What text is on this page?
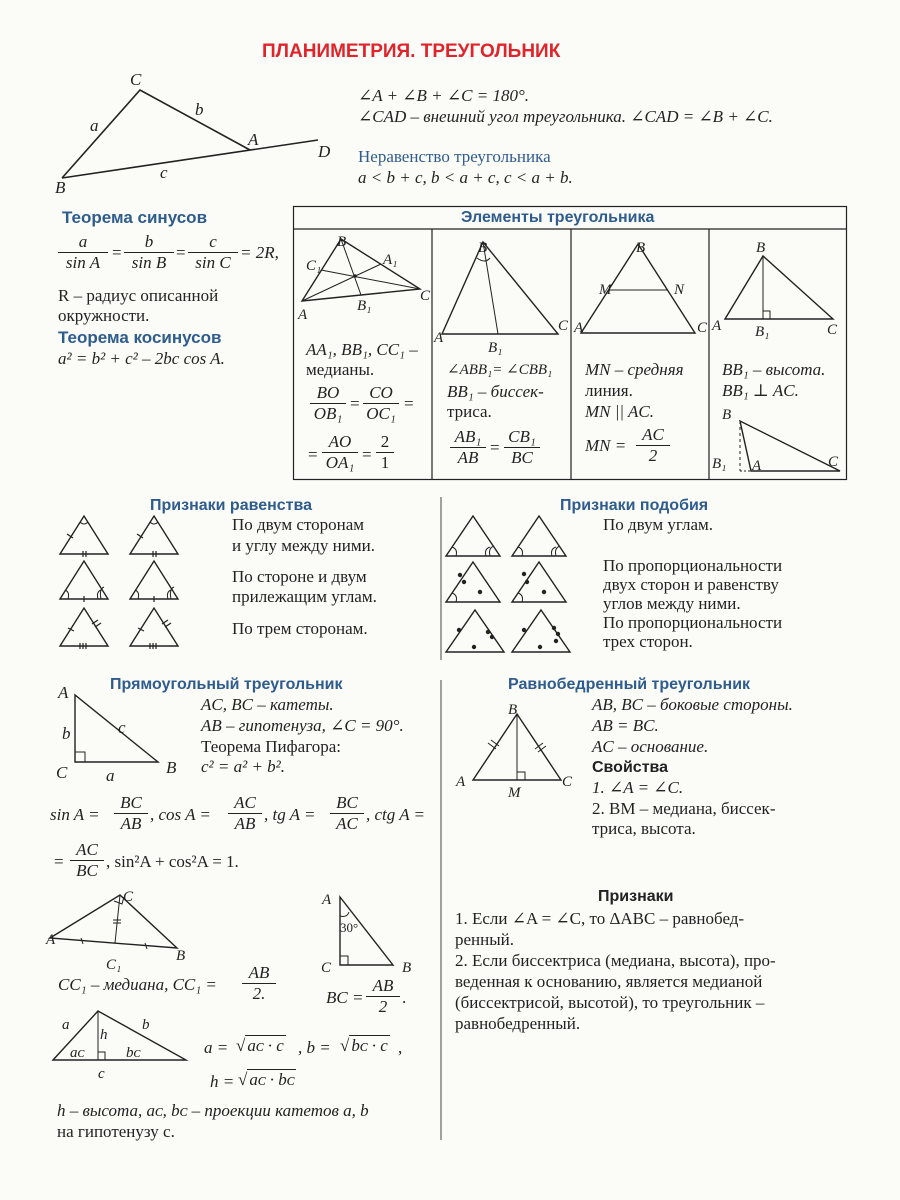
ПЛАНИМЕТРИЯ. ТРЕУГОЛЬНИК
C
a
b
A
D
c
B
∠A + ∠B + ∠C = 180°.
∠CAD – внешний угол треугольника. ∠CAD = ∠B + ∠C.
Неравенство треугольника
a < b + c, b < a + c, c < a + b.
Теорема синусов
$\frac{a}{\text{sin A}} = \frac{b}{\text{sin B}} = \frac{c}{\text{sin C}} = 2R$,
R – радиус описанной
окружности.
Теорема косинусов
a² = b² + c² – 2bc cos A.
Элементы треугольника
B
C₁	A₁
A
B₁
C
AA₁, BB₁, CC₁ –
медианы.
$\frac{BO}{\text{OB₁}} = \frac{CO}{\text{OC₁}}$ =
= $\frac{AO}{\text{OA₁}} = \frac{2}{1}$
B
A
C
B₁
∠ABB₁= ∠CBB₁
BB₁ – биссек-
триса.
$\frac{\text{AB₁}}{AB} = \frac{\text{CB₁}}{BC}$
B
M	N
A	C
MN – средняя
линия.
MN || AC.
MN = $\frac{AC}{2}$
B
A B₁	C
BB₁ – высота.
BB₁ ⊥ AC.
B
B₁ A	C
Признаки равенства
По двум сторонам
и углу между ними.
По стороне и двум
прилежащим углам.
По трем сторонам.
Признаки подобия
По двум углам.
По пропорциональности
двух сторон и равенству
углов между ними.
По пропорциональности
трех сторон.
Прямоугольный треугольник
A
b	c
C a	B
AC, BC – катеты.
AB – гипотенуза, ∠C = 90°.
Теорема Пифагора:
c² = a² + b².
$\sin A = \frac{BC}{AB}$ , $\cos A = \frac{AC}{AB}$ , tg $A = \frac{BC}{AC}$ , ctg A =
= $\frac{AC}{BC}$ , sin²A + cos²A = 1.
C
A
B
C₁
CC₁ – медиана, $CC_1 = \frac{AB}{2.}$
A
30°
C	B
BC = $\frac{AB}{2}$ .
a
h
b
aᴄ	bᴄ
c
a = √ aᴄ · c , b = √ bᴄ · c ,
h = √ aᴄ · bᴄ
h – высота, aᴄ, bᴄ – проекции катетов a, b
на гипотенузу c.
Равнобедренный треугольник
B
A	C
M
AB, BC – боковые стороны.
AB = BC.
AC – основание.
Свойства
1. ∠A = ∠C.
2. BM – медиана, биссек-
триса, высота.
Признаки
1. Если ∠A = ∠C, то ΔABC – равнобед-
ренный.
2. Если биссектриса (медиана, высота), про-
веденная к основанию, является медианой
(биссектрисой, высотой), то треугольник –
равнобедренный.
